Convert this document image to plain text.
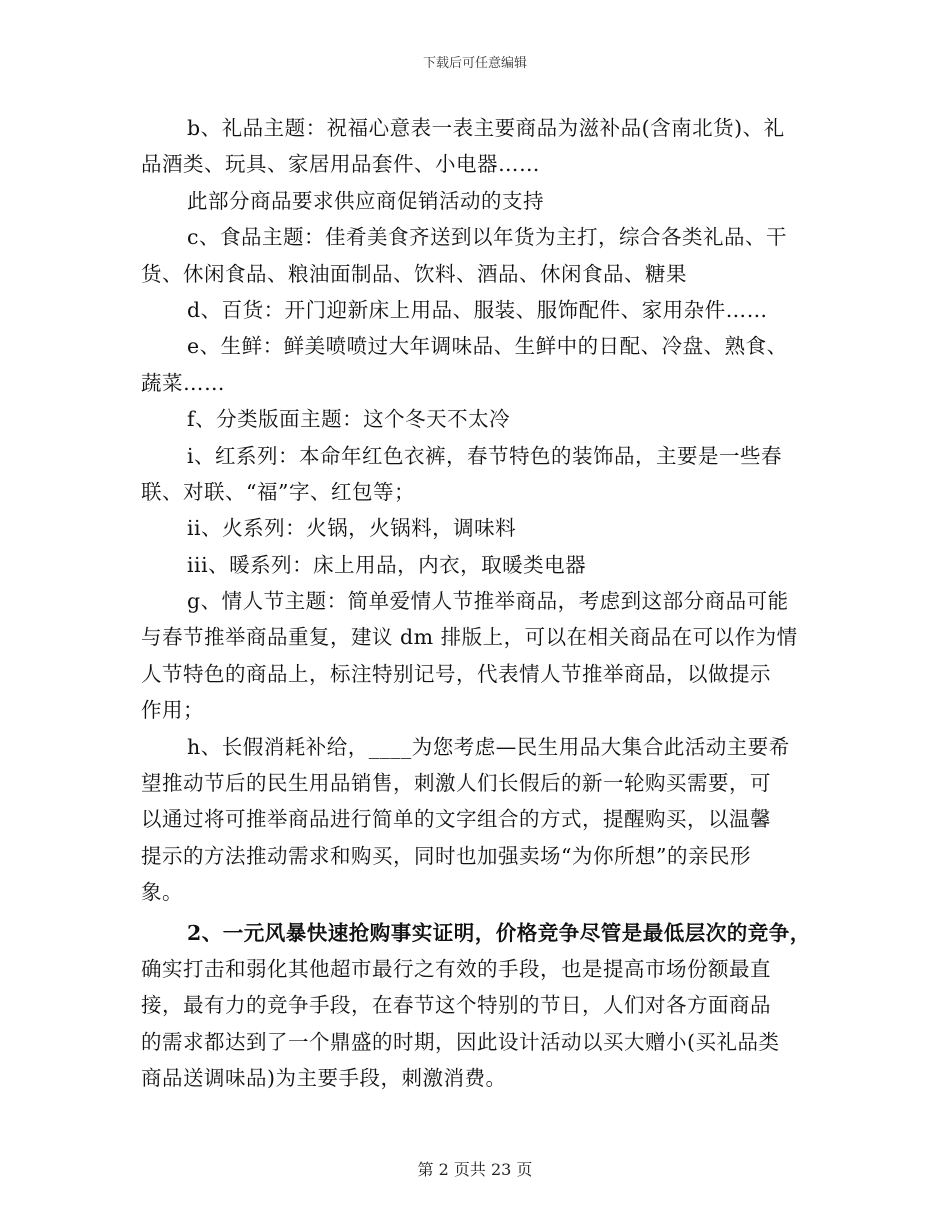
下载后可任意编辑
b、礼品主题：祝福心意表一表主要商品为滋补品(含南北货)、礼
品酒类、玩具、家居用品套件、小电器……
此部分商品要求供应商促销活动的支持
c、食品主题：佳肴美食齐送到以年货为主打，综合各类礼品、干
货、休闲食品、粮油面制品、饮料、酒品、休闲食品、糖果
d、百货：开门迎新床上用品、服装、服饰配件、家用杂件……
e、生鲜：鲜美喷喷过大年调味品、生鲜中的日配、冷盘、熟食、
蔬菜……
f、分类版面主题：这个冬天不太冷
i、红系列：本命年红色衣裤，春节特色的装饰品，主要是一些春
联、对联、“福”字、红包等；
ii、火系列：火锅，火锅料，调味料
iii、暖系列：床上用品，内衣，取暖类电器
g、情人节主题：简单爱情人节推举商品，考虑到这部分商品可能
与春节推举商品重复，建议 dm 排版上，可以在相关商品在可以作为情
人节特色的商品上，标注特别记号，代表情人节推举商品，以做提示
作用；
h、长假消耗补给，____为您考虑—民生用品大集合此活动主要希
望推动节后的民生用品销售，刺激人们长假后的新一轮购买需要，可
以通过将可推举商品进行简单的文字组合的方式，提醒购买，以温馨
提示的方法推动需求和购买，同时也加强卖场“为你所想”的亲民形
象。
2、一元风暴快速抢购事实证明，价格竞争尽管是最低层次的竞争，
确实打击和弱化其他超市最行之有效的手段，也是提高市场份额最直
接，最有力的竞争手段，在春节这个特别的节日，人们对各方面商品
的需求都达到了一个鼎盛的时期，因此设计活动以买大赠小(买礼品类
商品送调味品)为主要手段，刺激消费。
第 2 页共 23 页
